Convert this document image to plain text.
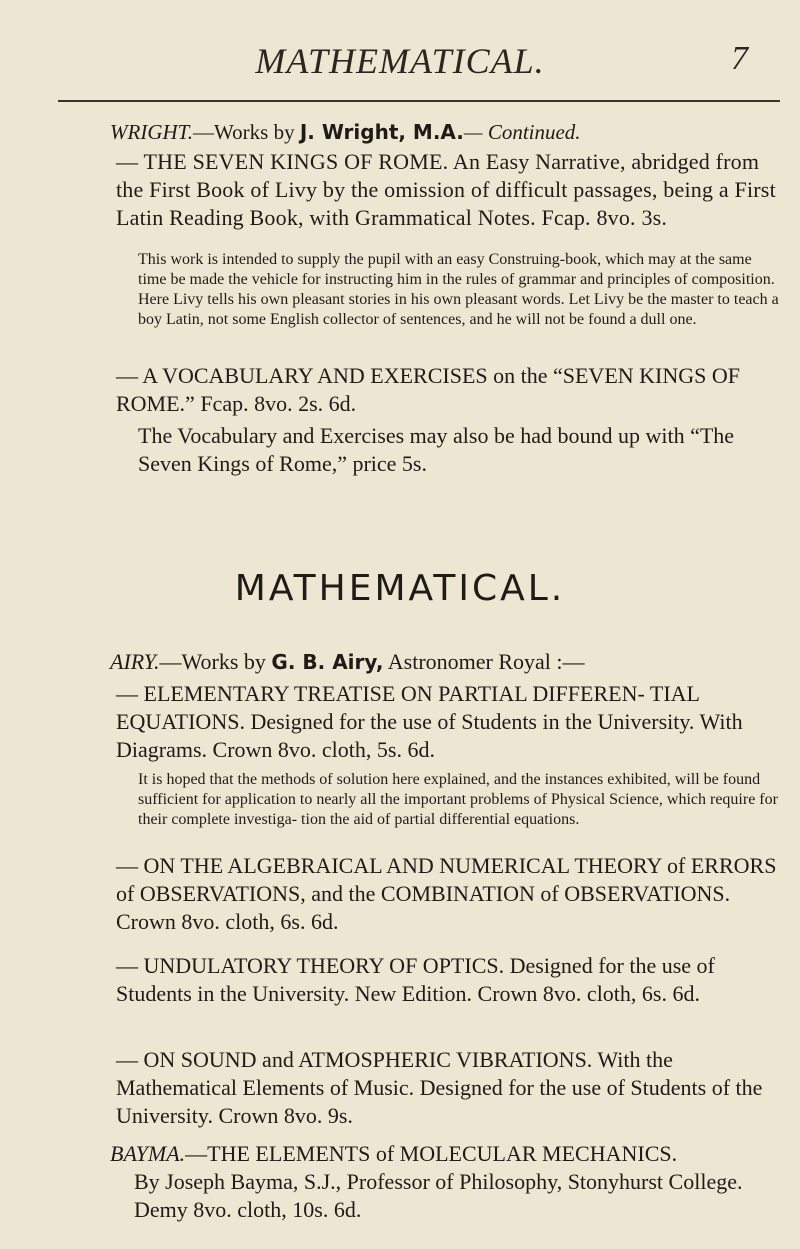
MATHEMATICAL.	7

WRIGHT.—Works by J. Wright, M.A.— Continued.

— THE SEVEN KINGS OF ROME. An Easy Narrative, abridged from the First Book of Livy by the omission of difficult passages, being a First Latin Reading Book, with Grammatical Notes. Fcap. 8vo. 3s.

This work is intended to supply the pupil with an easy Construing-book, which may at the same time be made the vehicle for instructing him in the rules of grammar and principles of composition. Here Livy tells his own pleasant stories in his own pleasant words. Let Livy be the master to teach a boy Latin, not some English collector of sentences, and he will not be found a dull one.

— A VOCABULARY AND EXERCISES on the “SEVEN KINGS OF ROME.” Fcap. 8vo. 2s. 6d.

The Vocabulary and Exercises may also be had bound up with “The Seven Kings of Rome,” price 5s.

MATHEMATICAL.

AIRY.—Works by G. B. Airy, Astronomer Royal :—

— ELEMENTARY TREATISE ON PARTIAL DIFFEREN- TIAL EQUATIONS. Designed for the use of Students in the University. With Diagrams. Crown 8vo. cloth, 5s. 6d.

It is hoped that the methods of solution here explained, and the instances exhibited, will be found sufficient for application to nearly all the important problems of Physical Science, which require for their complete investiga- tion the aid of partial differential equations.

— ON THE ALGEBRAICAL AND NUMERICAL THEORY of ERRORS of OBSERVATIONS, and the COMBINATION of OBSERVATIONS. Crown 8vo. cloth, 6s. 6d.

— UNDULATORY THEORY OF OPTICS. Designed for the use of Students in the University. New Edition. Crown 8vo. cloth, 6s. 6d.

— ON SOUND and ATMOSPHERIC VIBRATIONS. With the Mathematical Elements of Music. Designed for the use of Students of the University. Crown 8vo. 9s.

BAYMA.—THE ELEMENTS of MOLECULAR MECHANICS.

By Joseph Bayma, S.J., Professor of Philosophy, Stonyhurst College. Demy 8vo. cloth, 10s. 6d.
